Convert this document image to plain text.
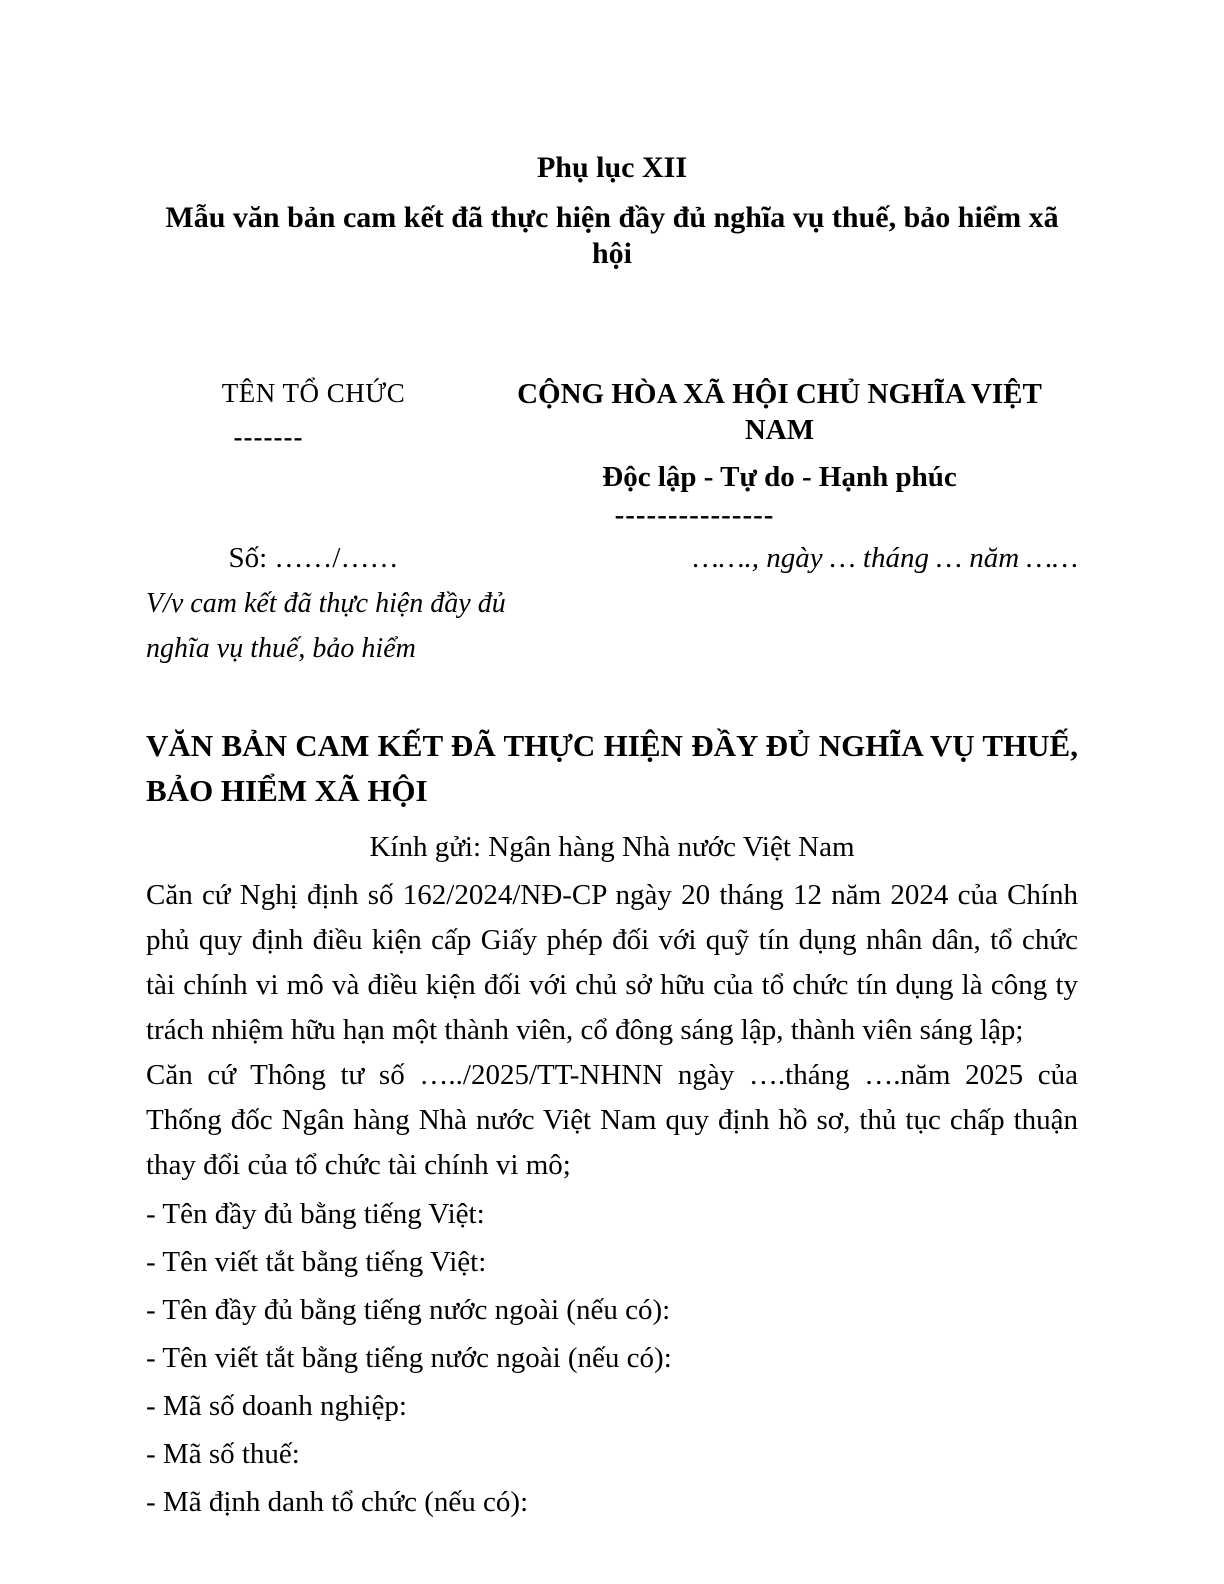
Phụ lục XII
Mẫu văn bản cam kết đã thực hiện đầy đủ nghĩa vụ thuế, bảo hiểm xã hội
TÊN TỔ CHỨC
-------
CỘNG HÒA XÃ HỘI CHỦ NGHĨA VIỆT NAM
Độc lập - Tự do - Hạnh phúc
---------------
Số: ……/……	……., ngày … tháng … năm ……
V/v cam kết đã thực hiện đầy đủ nghĩa vụ thuế, bảo hiểm
VĂN BẢN CAM KẾT ĐÃ THỰC HIỆN ĐẦY ĐỦ NGHĨA VỤ THUẾ, BẢO HIỂM XÃ HỘI
Kính gửi: Ngân hàng Nhà nước Việt Nam

Căn cứ Nghị định số 162/2024/NĐ-CP ngày 20 tháng 12 năm 2024 của Chính phủ quy định điều kiện cấp Giấy phép đối với quỹ tín dụng nhân dân, tổ chức tài chính vi mô và điều kiện đối với chủ sở hữu của tổ chức tín dụng là công ty trách nhiệm hữu hạn một thành viên, cổ đông sáng lập, thành viên sáng lập;

Căn cứ Thông tư số …../2025/TT-NHNN ngày ….tháng ….năm 2025 của Thống đốc Ngân hàng Nhà nước Việt Nam quy định hồ sơ, thủ tục chấp thuận thay đổi của tổ chức tài chính vi mô;

- Tên đầy đủ bằng tiếng Việt:
- Tên viết tắt bằng tiếng Việt:
- Tên đầy đủ bằng tiếng nước ngoài (nếu có):
- Tên viết tắt bằng tiếng nước ngoài (nếu có):
- Mã số doanh nghiệp:
- Mã số thuế:
- Mã định danh tổ chức (nếu có):
